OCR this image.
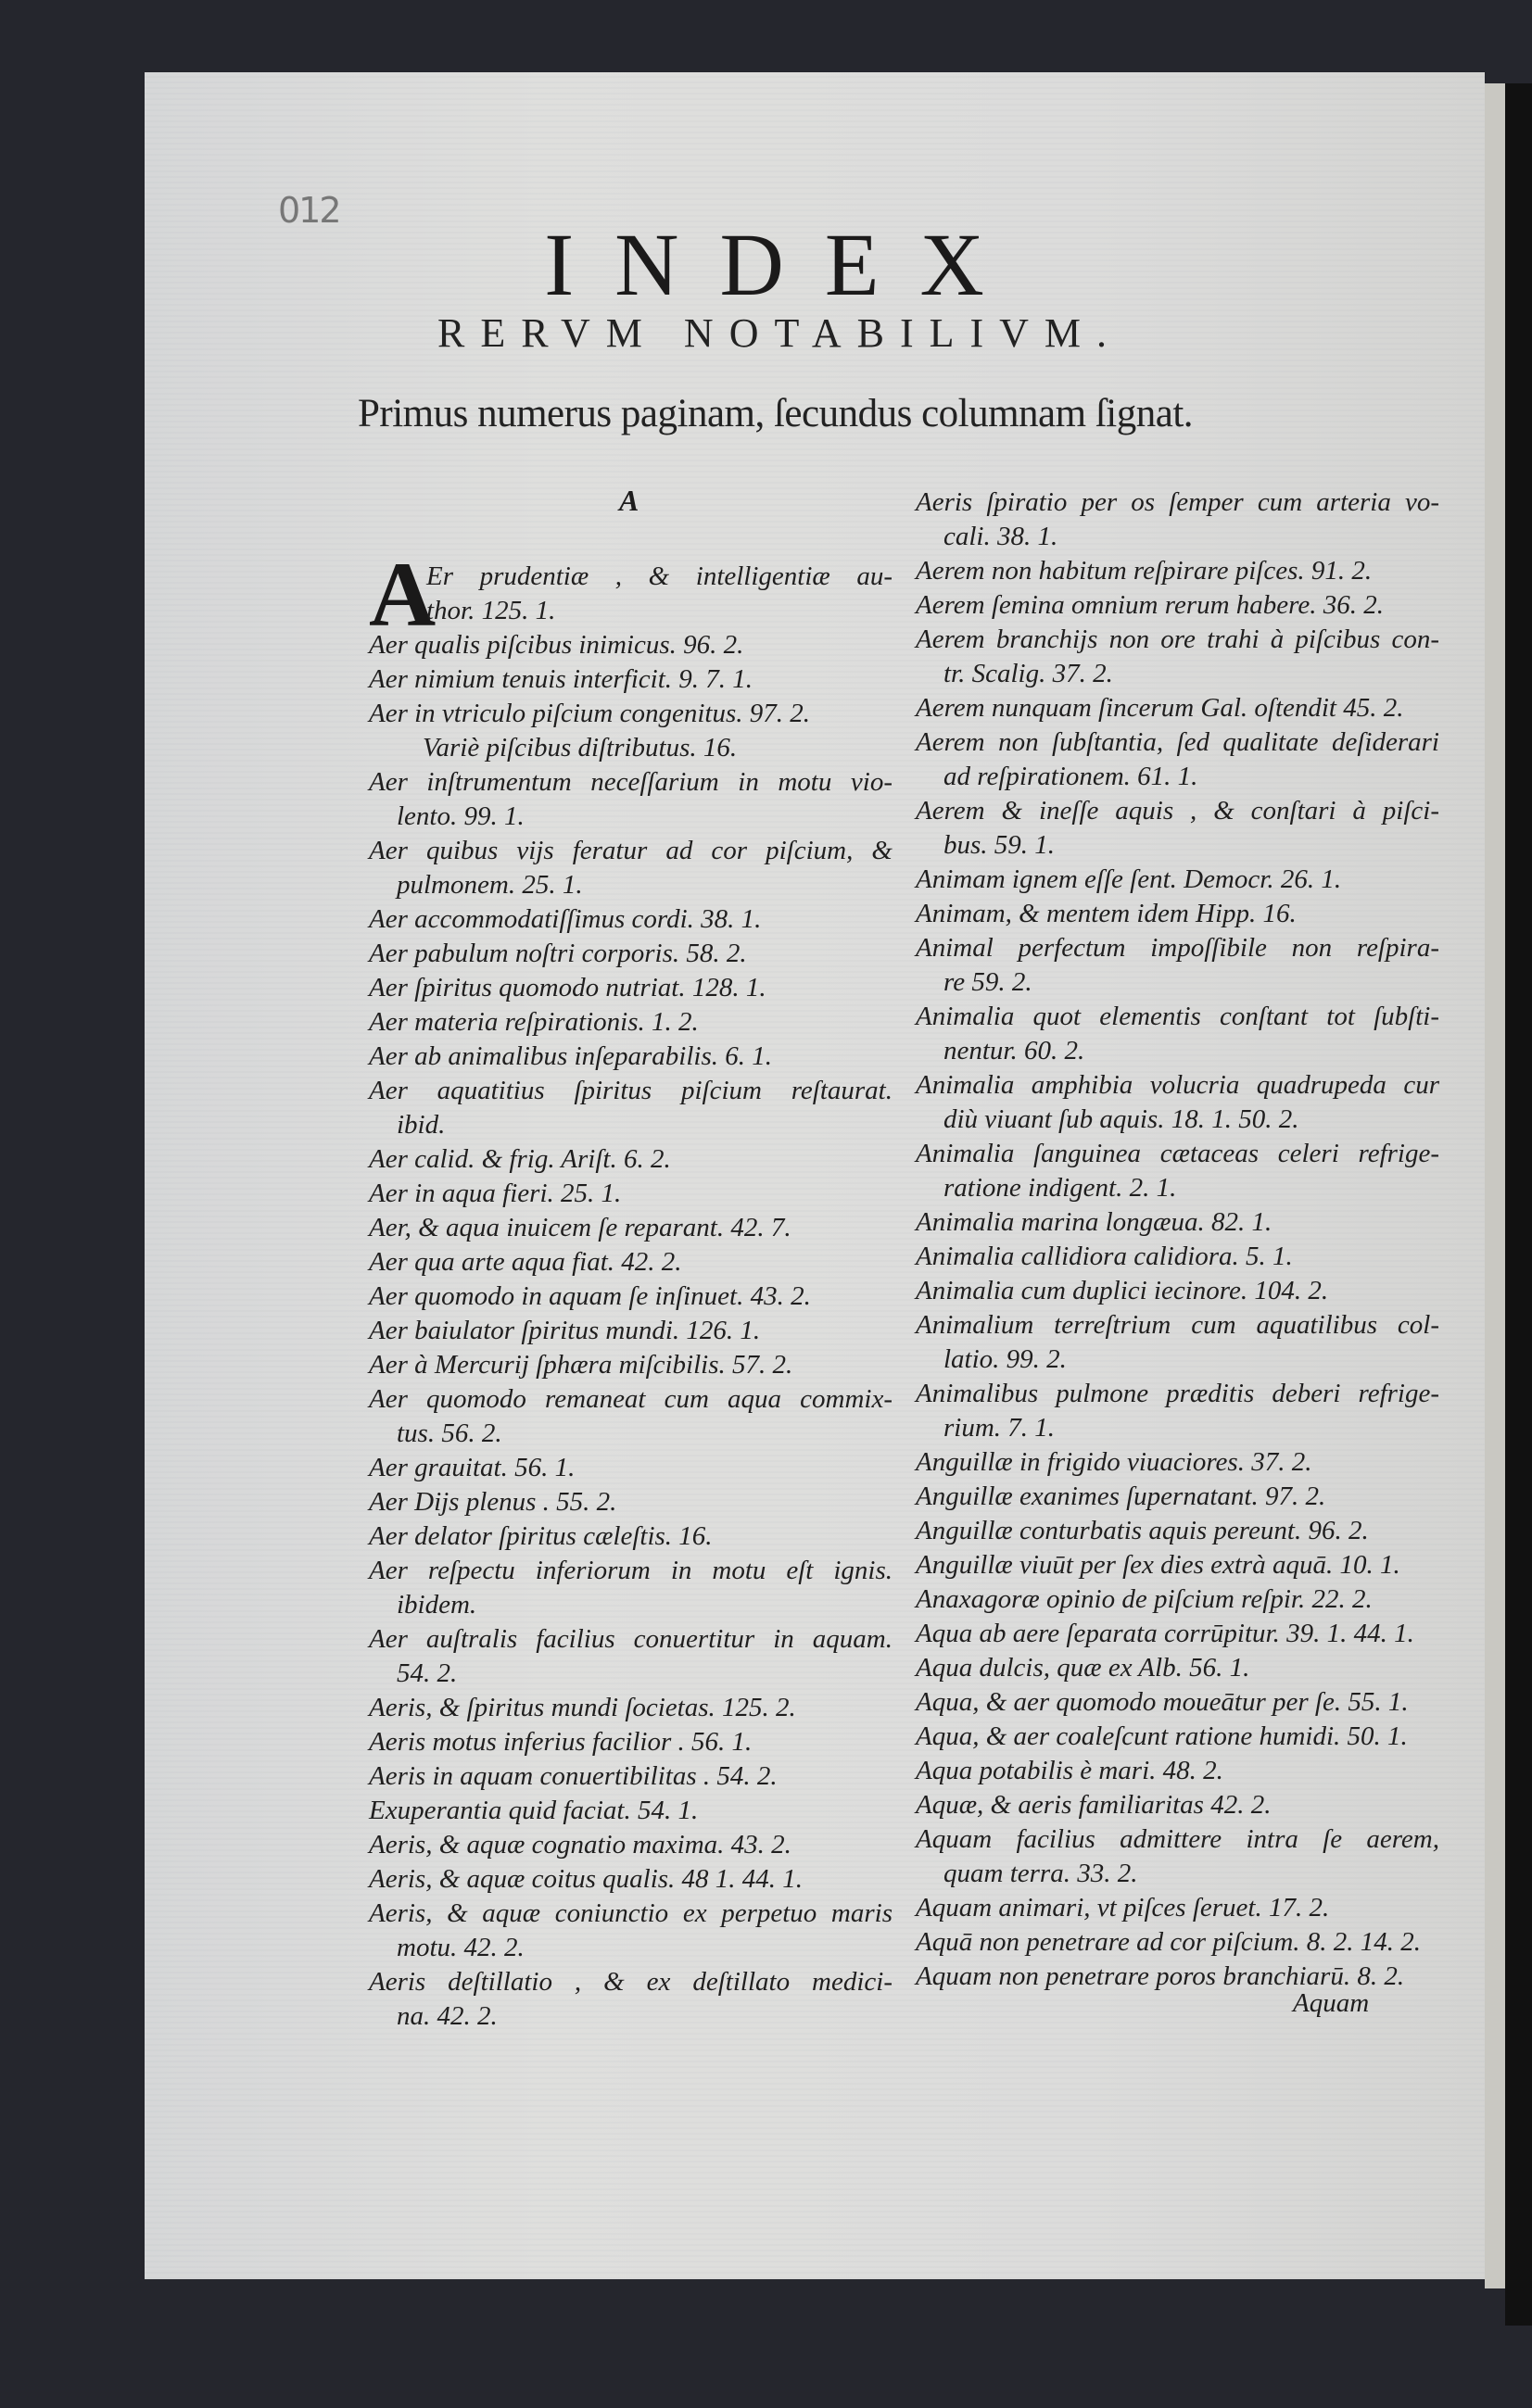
012
INDEX
RERVM NOTABILIVM.
Primus numerus paginam, ſecundus columnam ſignat.
A
A
Er prudentiæ , & intelligentiæ au-
thor. 125. 1.
Aer qualis piſcibus inimicus. 96. 2.
Aer nimium tenuis interficit. 9. 7. 1.
Aer in vtriculo piſcium congenitus. 97. 2.
Variè piſcibus diſtributus. 16.
Aer inſtrumentum neceſſarium in motu vio-
lento. 99. 1.
Aer quibus vijs feratur ad cor piſcium, &
pulmonem. 25. 1.
Aer accommodatiſſimus cordi. 38. 1.
Aer pabulum noſtri corporis. 58. 2.
Aer ſpiritus quomodo nutriat. 128. 1.
Aer materia reſpirationis. 1. 2.
Aer ab animalibus inſeparabilis. 6. 1.
Aer aquatitius ſpiritus piſcium reſtaurat.
ibid.
Aer calid. & frig. Ariſt. 6. 2.
Aer in aqua fieri. 25. 1.
Aer, & aqua inuicem ſe reparant. 42. 7.
Aer qua arte aqua fiat. 42. 2.
Aer quomodo in aquam ſe inſinuet. 43. 2.
Aer baiulator ſpiritus mundi. 126. 1.
Aer à Mercurij ſphæra miſcibilis. 57. 2.
Aer quomodo remaneat cum aqua commix-
tus. 56. 2.
Aer grauitat. 56. 1.
Aer Dijs plenus . 55. 2.
Aer delator ſpiritus cæleſtis. 16.
Aer reſpectu inferiorum in motu eſt ignis.
ibidem.
Aer auſtralis facilius conuertitur in aquam.
54. 2.
Aeris, & ſpiritus mundi ſocietas. 125. 2.
Aeris motus inferius facilior . 56. 1.
Aeris in aquam conuertibilitas . 54. 2.
Exuperantia quid faciat. 54. 1.
Aeris, & aquæ cognatio maxima. 43. 2.
Aeris, & aquæ coitus qualis. 48 1. 44. 1.
Aeris, & aquæ coniunctio ex perpetuo maris
motu. 42. 2.
Aeris deſtillatio , & ex deſtillato medici-
na. 42. 2.
Aeris ſpiratio per os ſemper cum arteria vo-
cali. 38. 1.
Aerem non habitum reſpirare piſces. 91. 2.
Aerem ſemina omnium rerum habere. 36. 2.
Aerem branchijs non ore trahi à piſcibus con-
tr. Scalig. 37. 2.
Aerem nunquam ſincerum Gal. oſtendit 45. 2.
Aerem non ſubſtantia, ſed qualitate deſiderari
ad reſpirationem. 61. 1.
Aerem & ineſſe aquis , & conſtari à piſci-
bus. 59. 1.
Animam ignem eſſe ſent. Democr. 26. 1.
Animam, & mentem idem Hipp. 16.
Animal perfectum impoſſibile non reſpira-
re 59. 2.
Animalia quot elementis conſtant tot ſubſti-
nentur. 60. 2.
Animalia amphibia volucria quadrupeda cur
diù viuant ſub aquis. 18. 1. 50. 2.
Animalia ſanguinea cætaceas celeri refrige-
ratione indigent. 2. 1.
Animalia marina longæua. 82. 1.
Animalia callidiora calidiora. 5. 1.
Animalia cum duplici iecinore. 104. 2.
Animalium terreſtrium cum aquatilibus col-
latio. 99. 2.
Animalibus pulmone præditis deberi refrige-
rium. 7. 1.
Anguillæ in frigido viuaciores. 37. 2.
Anguillæ exanimes ſupernatant. 97. 2.
Anguillæ conturbatis aquis pereunt. 96. 2.
Anguillæ viuūt per ſex dies extrà aquā. 10. 1.
Anaxagoræ opinio de piſcium reſpir. 22. 2.
Aqua ab aere ſeparata corrūpitur. 39. 1. 44. 1.
Aqua dulcis, quæ ex Alb. 56. 1.
Aqua, & aer quomodo moueātur per ſe. 55. 1.
Aqua, & aer coaleſcunt ratione humidi. 50. 1.
Aqua potabilis è mari. 48. 2.
Aquæ, & aeris familiaritas 42. 2.
Aquam facilius admittere intra ſe aerem,
quam terra. 33. 2.
Aquam animari, vt piſces ſeruet. 17. 2.
Aquā non penetrare ad cor piſcium. 8. 2. 14. 2.
Aquam non penetrare poros branchiarū. 8. 2.
Aquam
